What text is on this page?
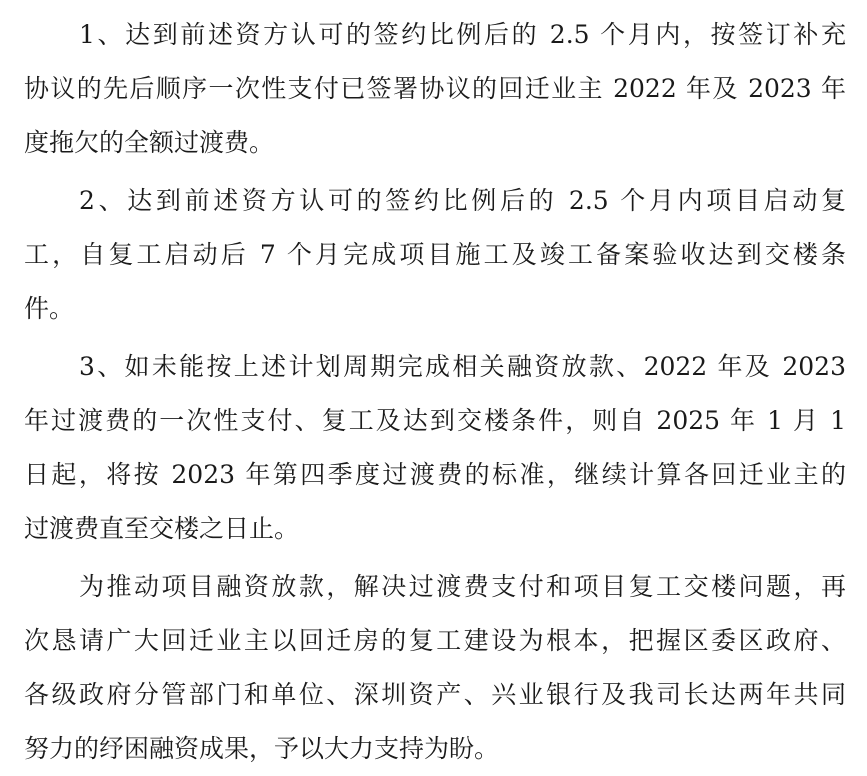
1、达到前述资方认可的签约比例后的 2.5 个月内，按签订补充
协议的先后顺序一次性支付已签署协议的回迁业主 2022 年及 2023 年
度拖欠的全额过渡费。
2、达到前述资方认可的签约比例后的 2.5 个月内项目启动复
工，自复工启动后 7 个月完成项目施工及竣工备案验收达到交楼条
件。
3、如未能按上述计划周期完成相关融资放款、2022 年及 2023
年过渡费的一次性支付、复工及达到交楼条件，则自 2025 年 1 月 1
日起，将按 2023 年第四季度过渡费的标准，继续计算各回迁业主的
过渡费直至交楼之日止。
为推动项目融资放款，解决过渡费支付和项目复工交楼问题，再
次恳请广大回迁业主以回迁房的复工建设为根本，把握区委区政府、
各级政府分管部门和单位、深圳资产、兴业银行及我司长达两年共同
努力的纾困融资成果，予以大力支持为盼。
